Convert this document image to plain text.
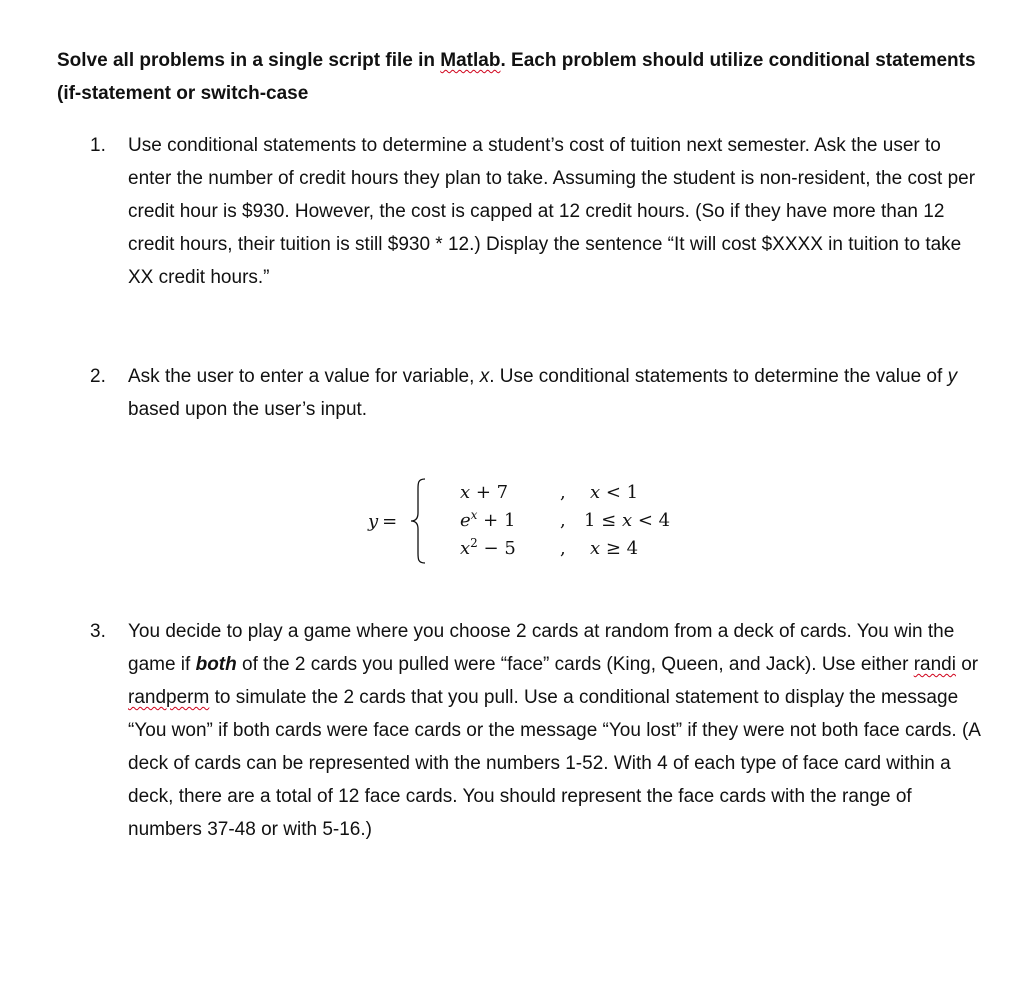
Solve all problems in a single script file in Matlab. Each problem should utilize conditional statements (if-statement or switch-case
1.	Use conditional statements to determine a student’s cost of tuition next semester. Ask the user to enter the number of credit hours they plan to take. Assuming the student is non-resident, the cost per credit hour is $930. However, the cost is capped at 12 credit hours. (So if they have more than 12 credit hours, their tuition is still $930 * 12.) Display the sentence “It will cost $XXXX in tuition to take XX credit hours.”
2.	Ask the user to enter a value for variable, x. Use conditional statements to determine the value of y based upon the user’s input.
y =
x + 7	, x < 1
$e^x + 1$	, 1 ≤ x < 4
$x^2 - 5$	, x ≥ 4
3.	You decide to play a game where you choose 2 cards at random from a deck of cards. You win the game if both of the 2 cards you pulled were “face” cards (King, Queen, and Jack). Use either randi or randperm to simulate the 2 cards that you pull. Use a conditional statement to display the message “You won” if both cards were face cards or the message “You lost” if they were not both face cards. (A deck of cards can be represented with the numbers 1-52. With 4 of each type of face card within a deck, there are a total of 12 face cards. You should represent the face cards with the range of numbers 37-48 or with 5-16.)
